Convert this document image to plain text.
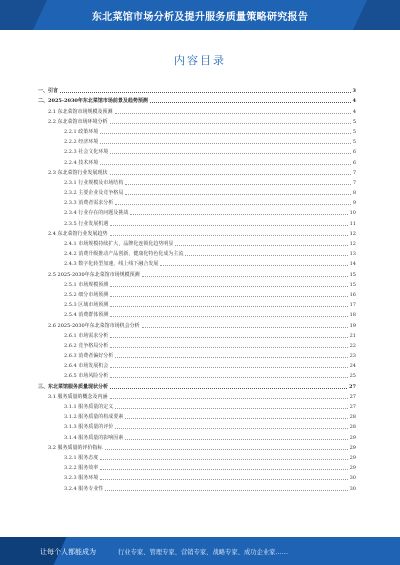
东北菜馆市场分析及提升服务质量策略研究报告
内容目录
一、引言	3
二、2025-2030年东北菜馆市场前景及趋势预测	4
2.1 东北菜馆市场规模及预测	4
2.2 东北菜馆市场环境分析	5
2.2.1 政策环境	5
2.2.2 经济环境	5
2.2.3 社会文化环境	6
2.2.4 技术环境	6
2.3 东北菜馆行业发展现状	7
2.3.1 行业规模及市场结构	7
2.3.2 主要企业及竞争格局	8
2.3.3 消费者需求分析	9
2.3.4 行业存在的问题及挑战	10
2.3.5 行业发展机遇	11
2.4 东北菜馆行业发展趋势	12
2.4.1 市场规模持续扩大，品牌化连锁化趋势明显	12
2.4.2 消费升级推动产品创新，健康化特色化成为主流	13
2.4.3 数字化转型加速，线上线下融合发展	14
2.5 2025-2030年东北菜馆市场规模预测	15
2.5.1 市场规模预测	15
2.5.2 细分市场预测	16
2.5.3 区域市场预测	17
2.5.4 消费群体预测	18
2.6 2025-2030年东北菜馆市场机会分析	19
2.6.1 市场需求分析	21
2.6.2 竞争格局分析	22
2.6.3 消费者偏好分析	23
2.6.4 市场发展机会	24
2.6.5 市场风险分析	25
三、东北菜馆服务质量现状分析	27
3.1 服务质量的概念及内涵	27
3.1.1 服务质量的定义	27
3.1.2 服务质量的构成要素	28
3.1.3 服务质量的评价	28
3.1.4 服务质量的影响因素	29
3.2 服务质量的评价指标	29
3.2.1 服务态度	29
3.2.2 服务效率	29
3.2.3 服务环境	30
3.2.4 服务专业性	30
让每个人都能成为	行业专家、管理专家、营销专家、战略专家、成功企业家……
